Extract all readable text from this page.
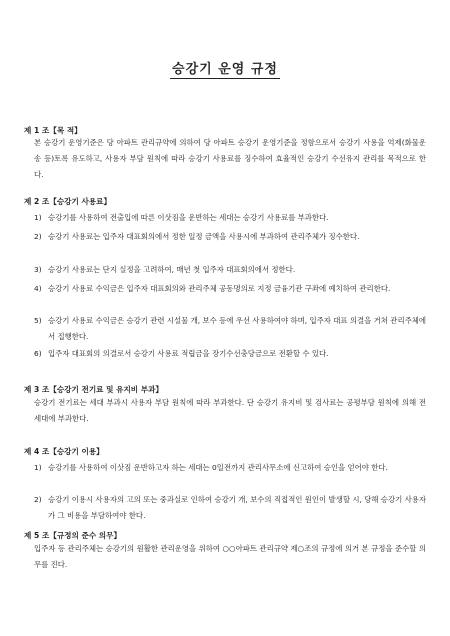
승강기 운영 규정
제 1 조【목 적】
본 승강기 운영기준은 당 아파트 관리규약에 의하여 당 아파트 승강기 운영기준을 정함으로서 승강기 사용을 억제(화물운송 등)토록 유도하고, 사용자 부담 원칙에 따라 승강기 사용료를 징수하여 효율적인 승강기 수선유지 관리를 목적으로 한다.
제 2 조【승강기 사용료】
1) 승강기를 사용하여 전출입에 따른 이삿짐을 운반하는 세대는 승강기 사용료를 부과한다.
2) 승강기 사용료는 입주자 대표회의에서 정한 일정 금액을 사용시에 부과하여 관리주체가 징수한다.
3) 승강기 사용료는 단지 실정을 고려하여, 매년 첫 입주자 대표회의에서 정한다.
4) 승강기 사용료 수익금은 입주자 대표회의와 관리주체 공동명의로 지정 금융기관 구좌에 예치하여 관리한다.
5) 승강기 사용료 수익금은 승강기 관련 시설물 개, 보수 등에 우선 사용하여야 하며, 입주자 대표 의결을 거쳐 관리주체에서 집행한다.
6) 입주자 대표회의 의결로서 승강기 사용료 적립금을 장기수선충당금으로 전환할 수 있다.
제 3 조【승강기 전기료 및 유지비 부과】
승강기 전기료는 세대 부과시 사용자 부담 원칙에 따라 부과한다. 단 승강기 유지비 및 검사료는 공평부담 원칙에 의해 전 세대에 부과한다.
제 4 조【승강기 이용】
1) 승강기를 사용하여 이삿짐 운반하고자 하는 세대는 0일전까지 관리사무소에 신고하여 승인을 얻어야 한다.
2) 승강기 이용시 사용자의 고의 또는 중과실로 인하여 승강기 개, 보수의 직접적인 원인이 발생할 시, 당해 승강기 사용자가 그 비용을 부담하여야 한다.
제 5 조【규정의 준수 의무】
입주자 등 관리주체는 승강기의 원활한 관리운영을 위하여 ○○아파트 관리규약 제○조의 규정에 의거 본 규정을 준수할 의무를 진다.
